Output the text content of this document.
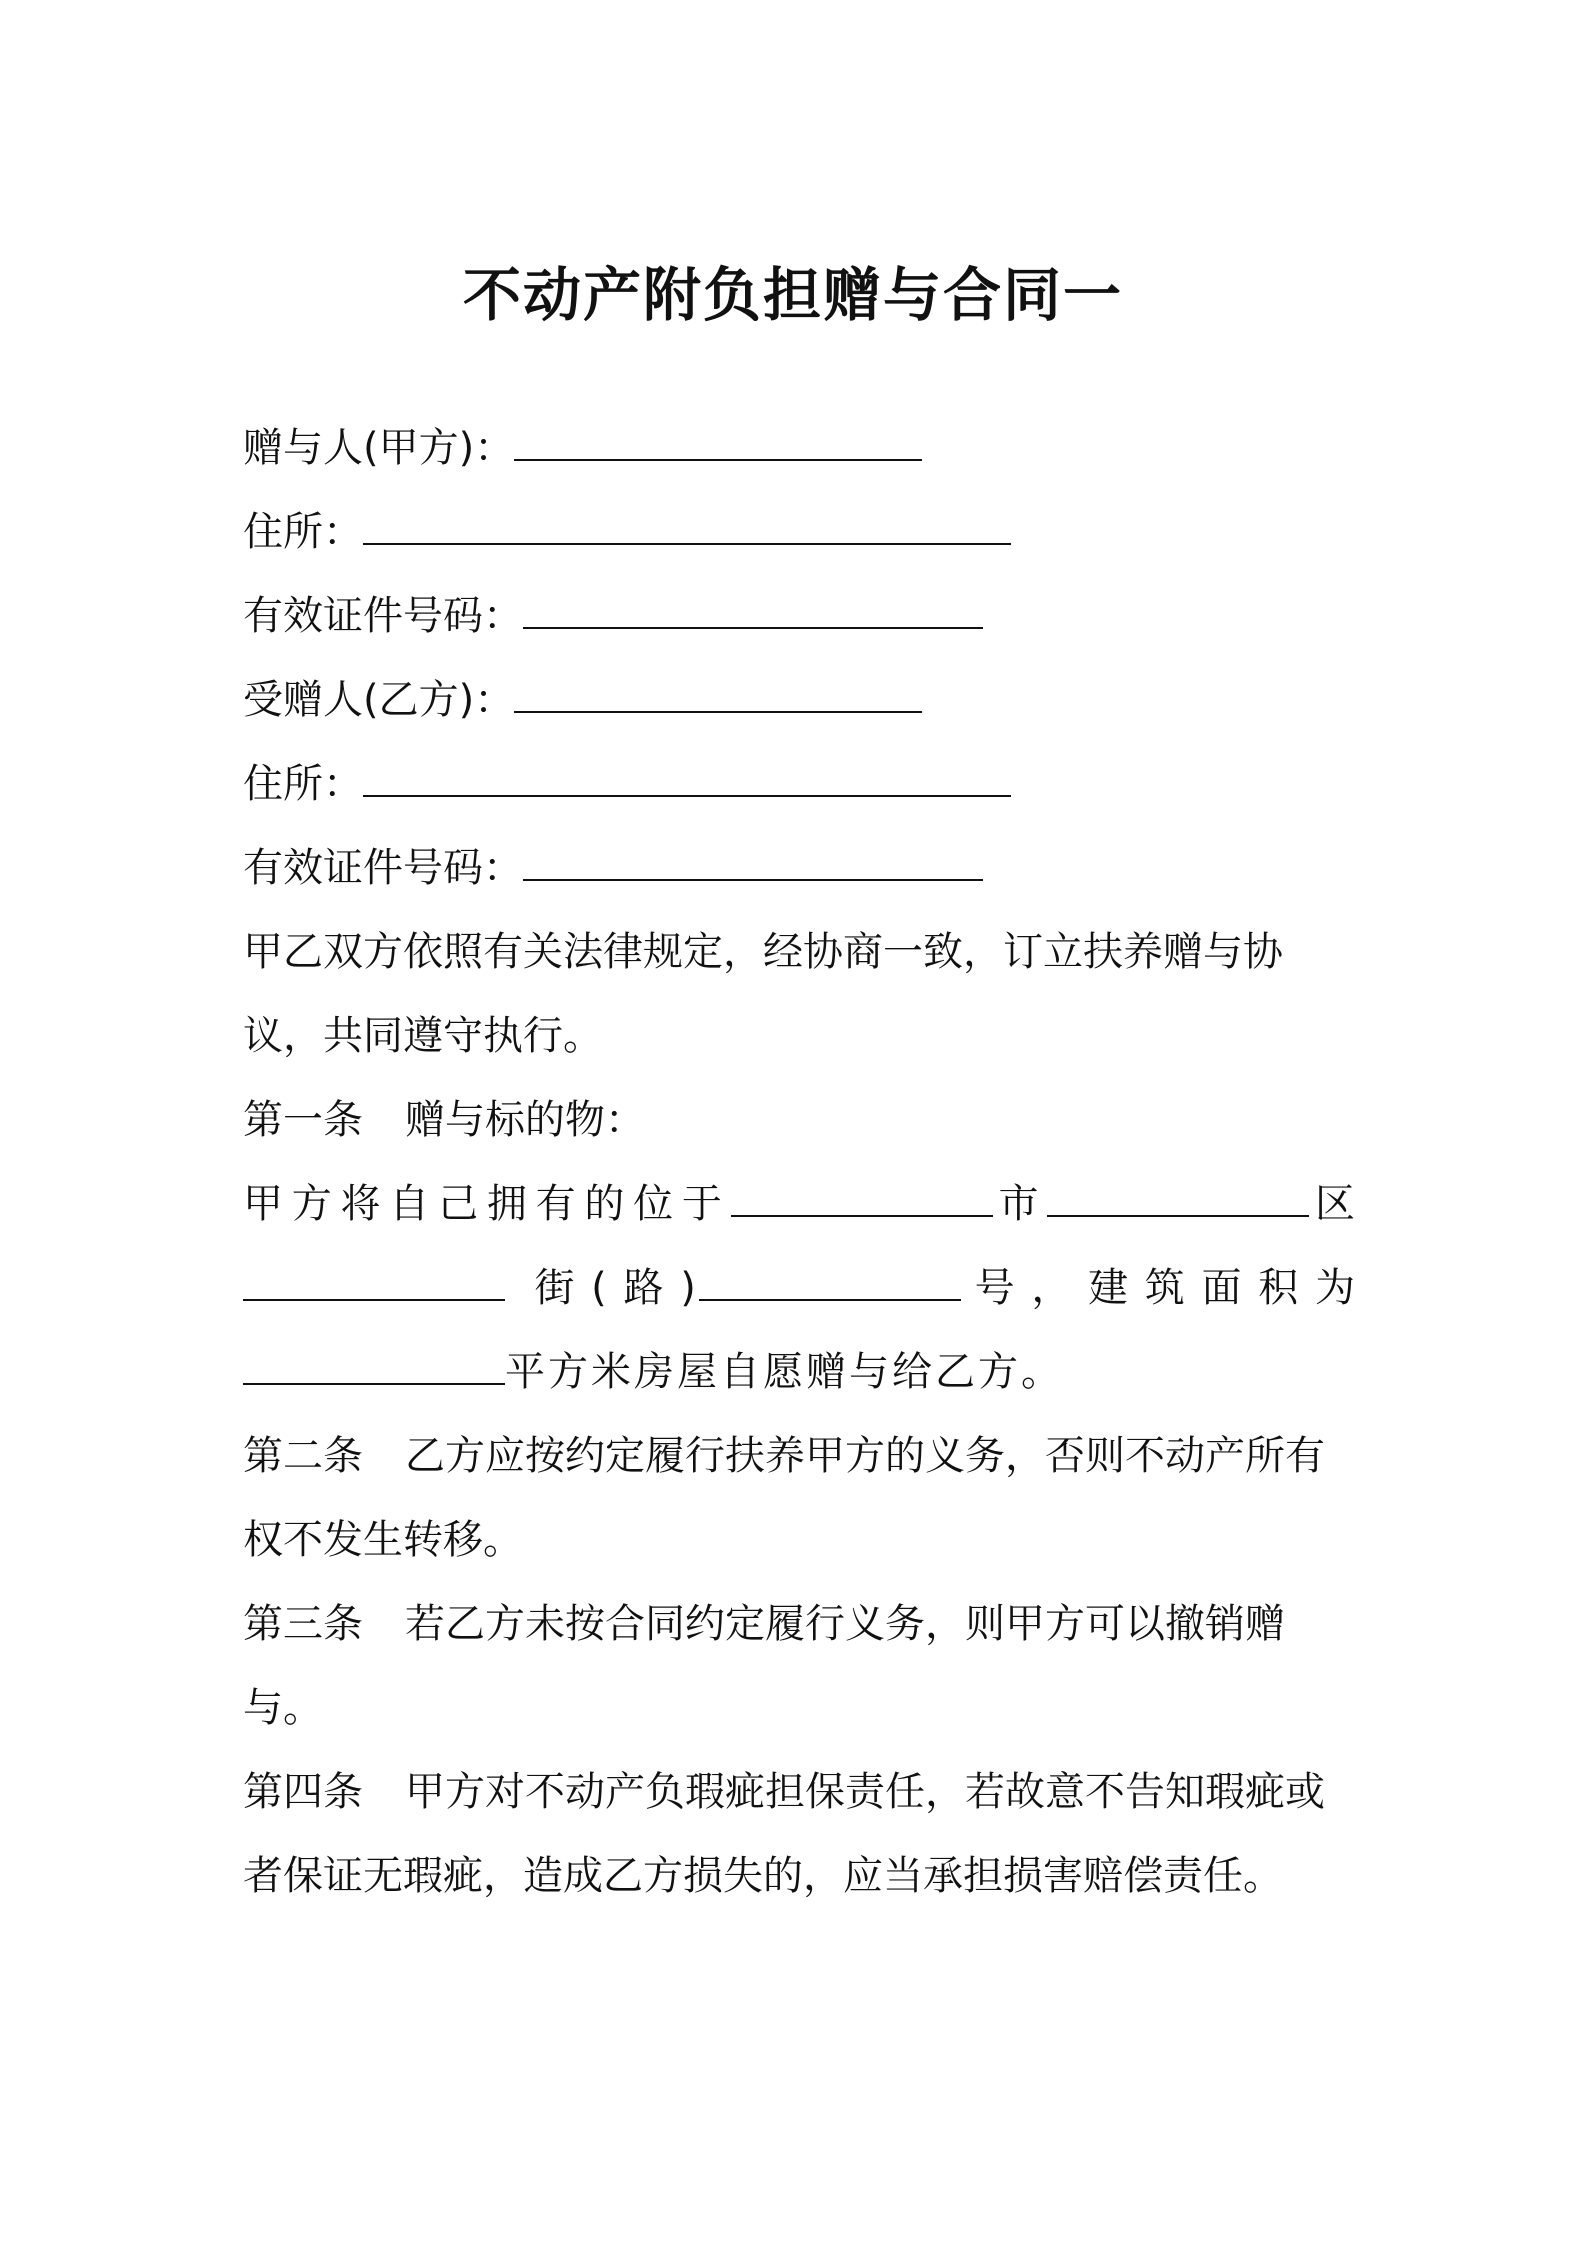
不动产附负担赠与合同一
赠与人(甲方)：
住所：
有效证件号码：
受赠人(乙方)：
住所：
有效证件号码：
甲乙双方依照有关法律规定，经协商一致，订立扶养赠与协议，共同遵守执行。
第一条 赠与标的物：
甲方将自己拥有的位于	市	区  街(路)	号，建筑面积为 平方米房屋自愿赠与给乙方。
第二条 乙方应按约定履行扶养甲方的义务，否则不动产所有权不发生转移。
第三条 若乙方未按合同约定履行义务，则甲方可以撤销赠与。
第四条 甲方对不动产负瑕疵担保责任，若故意不告知瑕疵或者保证无瑕疵，造成乙方损失的，应当承担损害赔偿责任。
